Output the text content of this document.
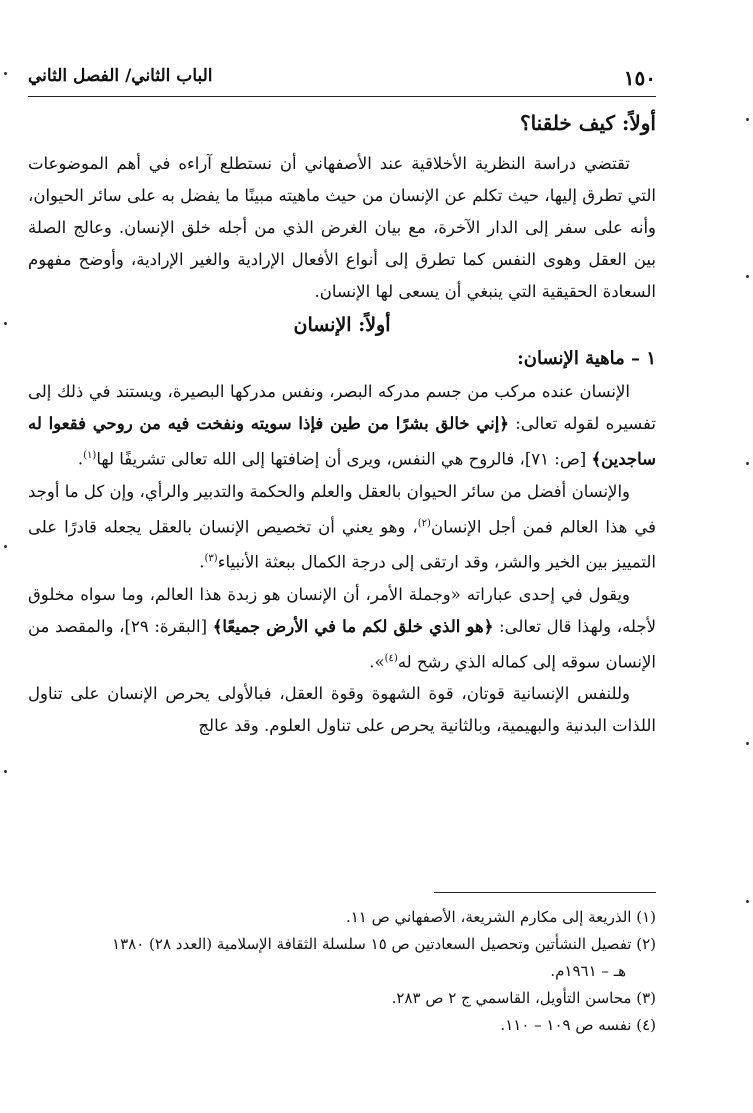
١٥٠
الباب الثاني/ الفصل الثاني

أولاً: كيف خلقنا؟

تقتضي دراسة النظرية الأخلاقية عند الأصفهاني أن نستطلع آراءه في أهم الموضوعات التي تطرق إليها، حيث تكلم عن الإنسان من حيث ماهيته مبينًا ما يفضل به على سائر الحيوان، وأنه على سفر إلى الدار الآخرة، مع بيان الغرض الذي من أجله خلق الإنسان. وعالج الصلة بين العقل وهوى النفس كما تطرق إلى أنواع الأفعال الإرادية والغير الإرادية، وأوضح مفهوم السعادة الحقيقية التي ينبغي أن يسعى لها الإنسان.

أولاً: الإنسان

١ – ماهية الإنسان:

الإنسان عنده مركب من جسم مدركه البصر، ونفس مدركها البصيرة، ويستند في ذلك إلى تفسيره لقوله تعالى: ﴿إني خالق بشرًا من طين فإذا سويته ونفخت فيه من روحي فقعوا له ساجدين﴾ [ص: ٧١]، فالروح هي النفس، ويرى أن إضافتها إلى الله تعالى تشريفًا لها$^{(١)}$.

والإنسان أفضل من سائر الحيوان بالعقل والعلم والحكمة والتدبير والرأي، وإن كل ما أوجد في هذا العالم فمن أجل الإنسان$^{(٢)}$، وهو يعني أن تخصيص الإنسان بالعقل يجعله قادرًا على التمييز بين الخير والشر، وقد ارتقى إلى درجة الكمال ببعثة الأنبياء$^{(٣)}$.

ويقول في إحدى عباراته «وجملة الأمر، أن الإنسان هو زبدة هذا العالم، وما سواه مخلوق لأجله، ولهذا قال تعالى: ﴿هو الذي خلق لكم ما في الأرض جميعًا﴾ [البقرة: ٢٩]، والمقصد من الإنسان سوقه إلى كماله الذي رشح له$^{(٤)}$».

وللنفس الإنسانية قوتان، قوة الشهوة وقوة العقل، فبالأولى يحرص الإنسان على تناول اللذات البدنية والبهيمية، وبالثانية يحرص على تناول العلوم. وقد عالج

(١) الذريعة إلى مكارم الشريعة، الأصفهاني ص ١١.

(٢) تفصيل النشأتين وتحصيل السعادتين ص ١٥ سلسلة الثقافة الإسلامية (العدد ٢٨) ١٣٨٠

هـ – ١٩٦١م.

(٣) محاسن التأويل، القاسمي ج ٢ ص ٢٨٣.

(٤) نفسه ص ١٠٩ – ١١٠.
